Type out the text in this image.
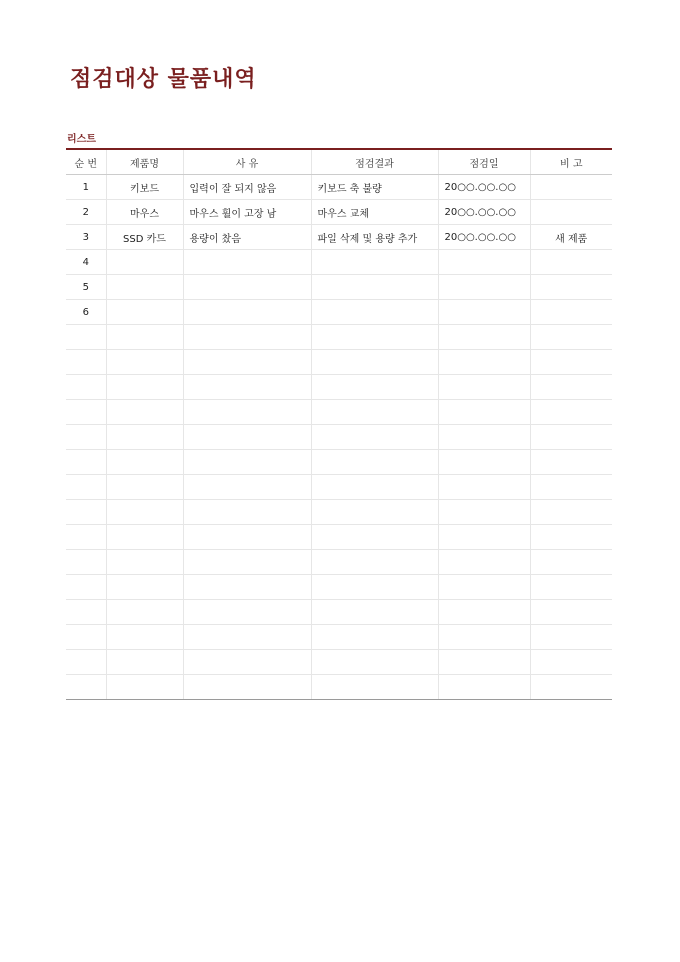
점검대상 물품내역
리스트
순 번	제품명	사 유	점검결과	점검일	비 고
1	키보드	입력이 잘 되지 않음	키보드 축 불량	20○○.○○.○○	
2	마우스	마우스 휠이 고장 남	마우스 교체	20○○.○○.○○	
3	SSD 카드	용량이 찼음	파일 삭제 및 용량 추가	20○○.○○.○○	새 제품
4					
5					
6					
